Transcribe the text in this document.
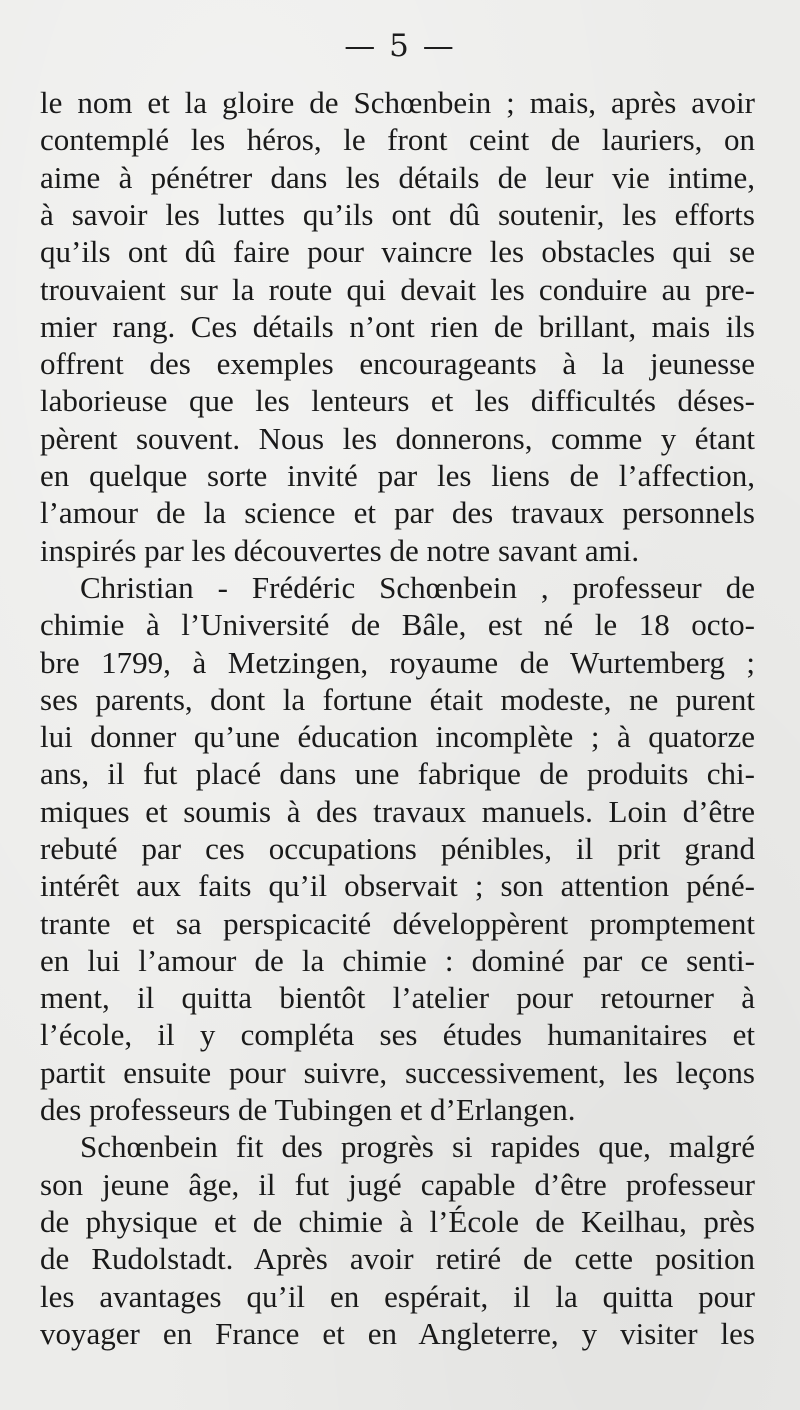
— 5 —
le nom et la gloire de Schœnbein ; mais, après avoir
contemplé les héros, le front ceint de lauriers, on
aime à pénétrer dans les détails de leur vie intime,
à savoir les luttes qu’ils ont dû soutenir, les efforts
qu’ils ont dû faire pour vaincre les obstacles qui se
trouvaient sur la route qui devait les conduire au pre-
mier rang. Ces détails n’ont rien de brillant, mais ils
offrent des exemples encourageants à la jeunesse
laborieuse que les lenteurs et les difficultés déses-
pèrent souvent. Nous les donnerons, comme y étant
en quelque sorte invité par les liens de l’affection,
l’amour de la science et par des travaux personnels
inspirés par les découvertes de notre savant ami.
Christian - Frédéric Schœnbein , professeur de
chimie à l’Université de Bâle, est né le 18 octo-
bre 1799, à Metzingen, royaume de Wurtemberg ;
ses parents, dont la fortune était modeste, ne purent
lui donner qu’une éducation incomplète ; à quatorze
ans, il fut placé dans une fabrique de produits chi-
miques et soumis à des travaux manuels. Loin d’être
rebuté par ces occupations pénibles, il prit grand
intérêt aux faits qu’il observait ; son attention péné-
trante et sa perspicacité développèrent promptement
en lui l’amour de la chimie : dominé par ce senti-
ment, il quitta bientôt l’atelier pour retourner à
l’école, il y compléta ses études humanitaires et
partit ensuite pour suivre, successivement, les leçons
des professeurs de Tubingen et d’Erlangen.
Schœnbein fit des progrès si rapides que, malgré
son jeune âge, il fut jugé capable d’être professeur
de physique et de chimie à l’École de Keilhau, près
de Rudolstadt. Après avoir retiré de cette position
les avantages qu’il en espérait, il la quitta pour
voyager en France et en Angleterre, y visiter les
